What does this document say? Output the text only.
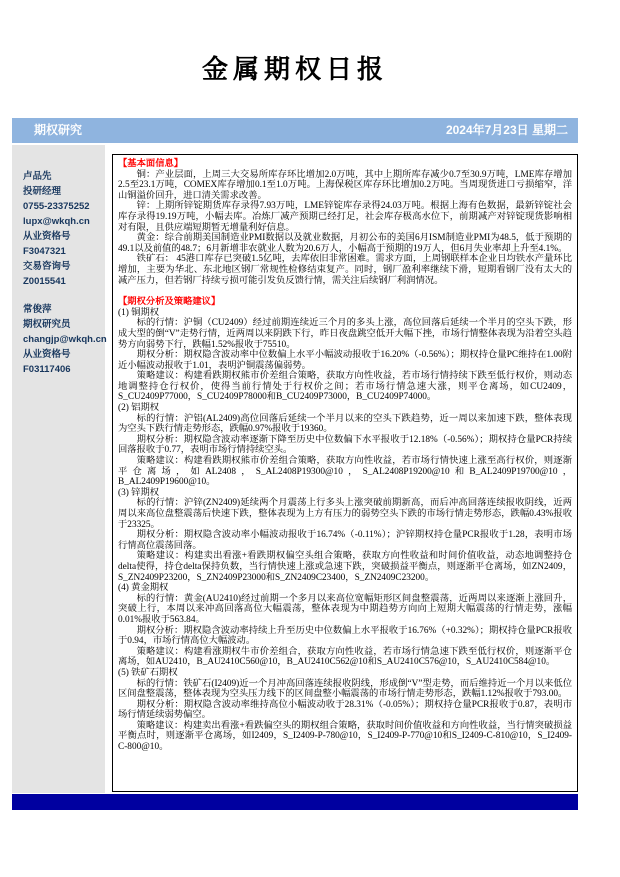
金属期权日报
期权研究	2024年7月23日 星期二
卢品先
投研经理
0755-23375252
lupx@wkqh.cn
从业资格号
F3047321
交易咨询号
Z0015541
常俊萍
期权研究员
changjp@wkqh.cn
从业资格号
F03117406
【基本面信息】

铜：产业层面，上周三大交易所库存环比增加2.0万吨，其中上期所库存减少0.7至30.9万吨，LME库存增加2.5至23.1万吨，COMEX库存增加0.1至1.0万吨。上海保税区库存环比增加0.2万吨。当周现货进口亏损缩窄，洋山铜溢价回升，进口清关需求改善。

锌：上期所锌锭期货库存录得7.93万吨，LME锌锭库存录得24.03万吨。根据上海有色数据，最新锌锭社会库存录得19.19万吨，小幅去库。冶炼厂减产预期已经打足，社会库存极高水位下，前期减产对锌锭现货影响相对有限，且供应端短期暂无增量利好信息。

黄金：综合前期美国制造业PMI数据以及就业数据，月初公布的美国6月ISM制造业PMI为48.5，低于预期的49.1以及前值的48.7；6月新增非农就业人数为20.6万人，小幅高于预期的19万人，但6月失业率却上升至4.1%。

铁矿石： 45港口库存已突破1.5亿吨，去库依旧非常困难。需求方面，上周钢联样本企业日均铁水产量环比增加，主要为华北、东北地区钢厂常规性检修结束复产。同时，钢厂盈利率继续下滑，短期看钢厂没有太大的减产压力，但若钢厂持续亏损可能引发负反馈行情，需关注后续钢厂利润情况。

【期权分析及策略建议】

(1) 铜期权

标的行情：沪铜（CU2409）经过前期连续近三个月的多头上涨，高位回落后延续一个半月的空头下跌，形成大型的倒“V”走势行情，近两周以来阴跌下行，昨日夜盘跳空低开大幅下挫，市场行情整体表现为沿着空头趋势方向弱势下行，跌幅1.52%报收于75510。

期权分析：期权隐含波动率中位数偏上水平小幅波动报收于16.20%（-0.56%）；期权持仓量PC维持在1.00附近小幅波动报收于1.01，表明沪铜震荡偏弱势。

策略建议：构建看跌期权熊市价差组合策略，获取方向性收益，若市场行情持续下跌至低行权价，则动态地调整持仓行权价，使得当前行情处于行权价之间；若市场行情急速大涨，则平仓离场，如CU2409，S_CU2409P77000，S_CU2409P78000和B_CU2409P73000，B_CU2409P74000。

(2) 铝期权

标的行情：沪铝(AL2409)高位回落后延续一个半月以来的空头下跌趋势，近一周以来加速下跌，整体表现为空头下跌行情走势形态，跌幅0.97%报收于19360。

期权分析：期权隐含波动率逐渐下降至历史中位数偏下水平报收于12.18%（-0.56%）；期权持仓量PCR持续回落报收于0.77，表明市场行情持续空头。

策略建议：构建看跌期权熊市价差组合策略，获取方向性收益，若市场行情快速上涨至高行权价，则逐渐平仓离场，如AL2408，S_AL2408P19300@10，S_AL2408P19200@10和B_AL2409P19700@10，B_AL2409P19600@10。

(3) 锌期权

标的行情：沪锌(ZN2409)延续两个月震荡上行多头上涨突破前期新高，而后冲高回落连续报收阴线，近两周以来高位盘整震荡后快速下跌，整体表现为上方有压力的弱势空头下跌的市场行情走势形态，跌幅0.43%报收于23325。

期权分析：期权隐含波动率小幅波动报收于16.74%（-0.11%）；沪锌期权持仓量PCR报收于1.28，表明市场行情高位震荡回落。

策略建议：构建卖出看涨+看跌期权偏空头组合策略，获取方向性收益和时间价值收益，动态地调整持仓delta使得，持仓delta保持负数，当行情快速上涨或急速下跌，突破损益平衡点，则逐渐平仓离场，如ZN2409，S_ZN2409P23200，S_ZN2409P23000和S_ZN2409C23400，S_ZN2409C23200。

(4) 黄金期权

标的行情：黄金(AU2410)经过前期一个多月以来高位宽幅矩形区间盘整震荡，近两周以来逐渐上涨回升，突破上行，本周以来冲高回落高位大幅震荡，整体表现为中期趋势方向向上短期大幅震荡的行情走势，涨幅0.01%报收于563.84。

期权分析：期权隐含波动率持续上升至历史中位数偏上水平报收于16.76%（+0.32%）；期权持仓量PCR报收于0.94，市场行情高位大幅波动。

策略建议：构建看涨期权牛市价差组合，获取方向性收益，若市场行情急速下跌至低行权价，则逐渐平仓离场，如AU2410，B_AU2410C560@10，B_AU2410C562@10和S_AU2410C576@10，S_AU2410C584@10。

(5) 铁矿石期权

标的行情：铁矿石(I2409)近一个月冲高回落连续报收阴线，形成倒“V”型走势，而后维持近一个月以来低位区间盘整震荡，整体表现为空头压力线下的区间盘整小幅震荡的市场行情走势形态，跌幅1.12%报收于793.00。

期权分析：期权隐含波动率维持高位小幅波动收于28.31%（-0.05%）；期权持仓量PCR报收于0.87，表明市场行情延续弱势偏空。

策略建议：构建卖出看涨+看跌偏空头的期权组合策略，获取时间价值收益和方向性收益，当行情突破损益平衡点时，则逐渐平仓离场，如I2409，S_I2409-P-780@10，S_I2409-P-770@10和S_I2409-C-810@10，S_I2409-C-800@10。
